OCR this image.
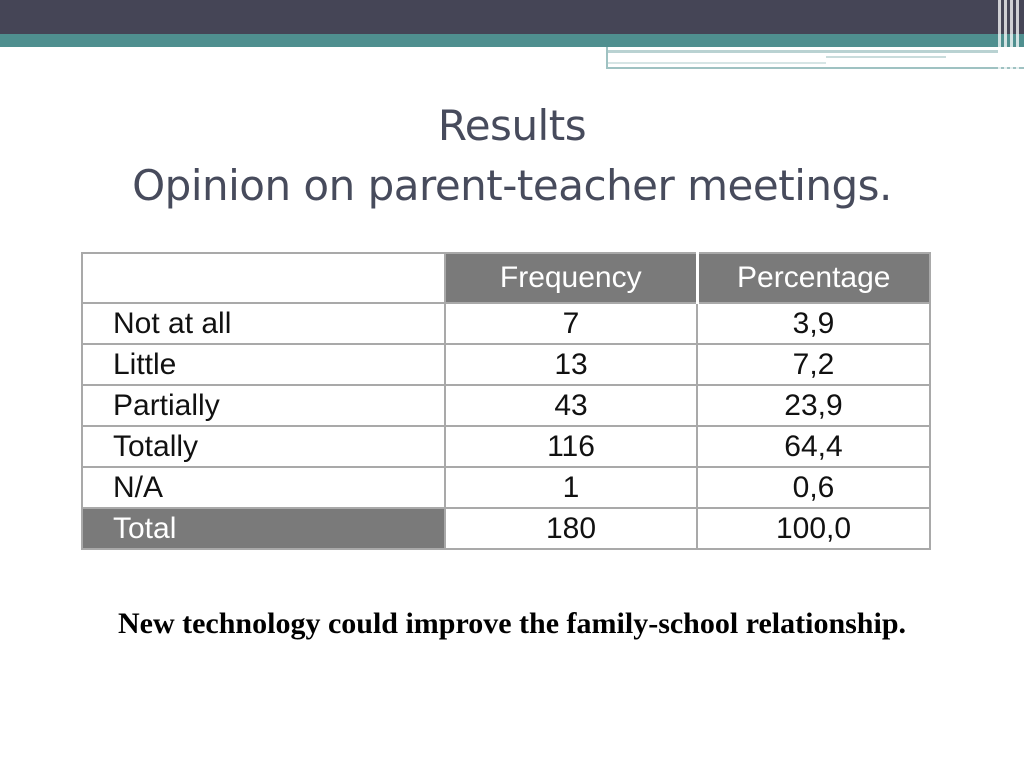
Results
Opinion on parent-teacher meetings.
	Frequency	Percentage
Not at all	7	3,9
Little	13	7,2
Partially	43	23,9
Totally	116	64,4
N/A	1	0,6
Total	180	100,0
New technology could improve the family-school relationship.
